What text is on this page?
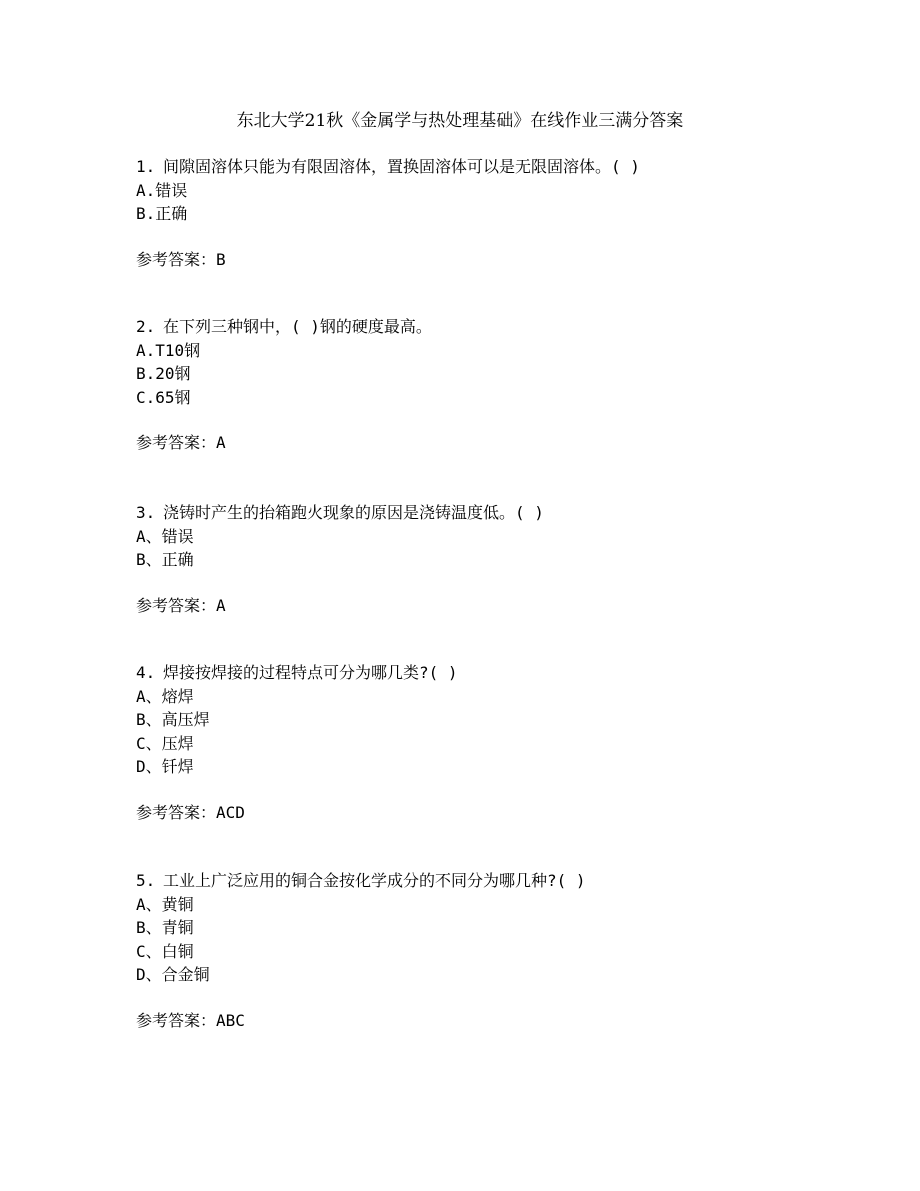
东北大学21秋《金属学与热处理基础》在线作业三满分答案
1. 间隙固溶体只能为有限固溶体，置换固溶体可以是无限固溶体。( )
A.错误
B.正确
参考答案：B
2. 在下列三种钢中，( )钢的硬度最高。
A.T10钢
B.20钢
C.65钢
参考答案：A
3. 浇铸时产生的抬箱跑火现象的原因是浇铸温度低。( )
A、错误
B、正确
参考答案：A
4. 焊接按焊接的过程特点可分为哪几类?( )
A、熔焊
B、高压焊
C、压焊
D、钎焊
参考答案：ACD
5. 工业上广泛应用的铜合金按化学成分的不同分为哪几种?( )
A、黄铜
B、青铜
C、白铜
D、合金铜
参考答案：ABC
